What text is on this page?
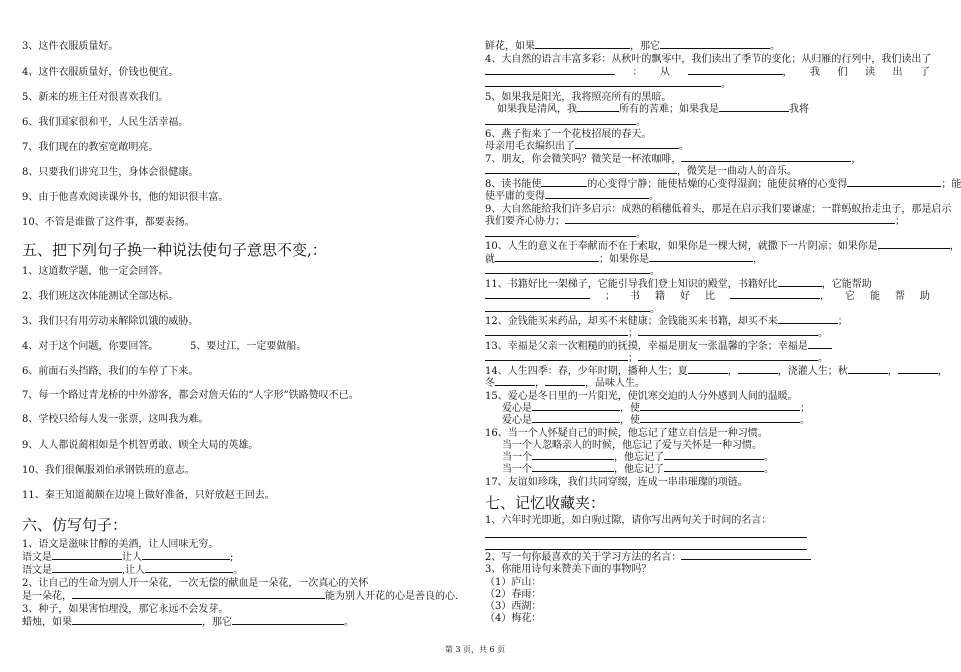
3、这件衣服质量好。
4、这件衣服质量好，价钱也便宜。
5、新来的班主任对很喜欢我们。
6、我们国家很和平，人民生活幸福。
7、我们现在的教室宽敞明亮。
8、只要我们讲究卫生，身体会很健康。
9、由于他喜欢阅读课外书，他的知识很丰富。
10、不管是谁做了这件事，都要表扬。
五、把下列句子换一种说法使句子意思不变,：
1、这道数学题，他一定会回答。
2、我们班这次体能测试全部达标。
3、我们只有用劳动来解除饥饿的威胁。
4、对于这个问题，你要回答。	5、要过江，一定要做船。
6、前面石头挡路，我们的车停了下来。
7、每一个路过青龙桥的中外游客，都会对詹天佑的“人字形”铁路赞叹不已。
8、学校只给每人发一张票，这叫我为难。
9、人人都说蔺相如是个机智勇敢、顾全大局的英雄。
10、我们很佩服刘伯承钢铁班的意志。
11、秦王知道蔺颇在边境上做好准备，只好放赵王回去。
六、仿写句子：
1、语文是滋味甘醇的美酒，让人回味无穷。
语文是	让人	;
语文是	,让人	。
2、让自己的生命为别人开一朵花，一次无偿的献血是一朵花，一次真心的关怀
是一朵花，	能为别人开花的心是善良的心.
3、种子，如果害怕埋没，那它永远不会发芽。
蜡烛，如果	，那它	。
鲜花，如果	，那它	。
4、大自然的语言丰富多彩：从秋叶的飘零中，我们读出了季节的变化；从归雁的行列中，我们读出了
： 从	， 我 们 读 出 了
。
5、如果我是阳光，我将照亮所有的黑暗。
如果我是清风，我	所有的苦难；如果我是	我将
。
6、燕子衔来了一个花枝招展的春天。
母亲用毛衣编织出了	。
7、朋友，你会微笑吗？微笑是一杯浓咖啡，	，
，微笑是一曲动人的音乐。
8、读书能使	的心变得宁静；能使枯燥的心变得湿润；能使贫瘠的心变得	；能
使平庸的变得	。
9、大自然能给我们许多启示：成熟的稻穗低着头，那是在启示我们要谦虚；一群蚂蚁抬走虫子，那是启示
我们要齐心协力；	；
。
10、人生的意义在于奉献而不在于索取，如果你是一棵大树，就撒下一片阴凉；如果你是	，
就	；如果你是	，
。
11、书籍好比一架梯子，它能引导我们登上知识的殿堂，书籍好比	，它能帮助
； 书 籍 好 比	， 它 能 帮 助
。
12、金钱能买来药品，却买不来健康；金钱能买来书籍，却买不来	；
；	。
13、幸福是父亲一次粗糙的的抚摸，幸福是朋友一张温馨的字条；幸福是
；	。
14、人生四季：春，少年时期，播种人生；夏	，	，浇灌人生；秋	，	，
冬	，	，品味人生。
15、爱心是冬日里的一片阳光，使饥寒交迫的人分外感到人间的温暖。
爱心是	，使	；
爱心是	，使	。
16、当一个人怀疑自己的时候，他忘记了建立自信是一种习惯。
当一个人忽略亲人的时候，他忘记了爱与关怀是一种习惯。
当一个	，他忘记了	。
当一个	，他忘记了	。
17、友谊如珍珠，我们共同穿缀，连成一串串璀璨的项链。
七、记忆收藏夹：
1、六年时光即逝，如白驹过隙，请你写出两句关于时间的名言：
2、写一句你最喜欢的关于学习方法的名言：
3、你能用诗句来赞美下面的事物吗？
（1）庐山：
（2）春雨：
（3）西湖：
（4）梅花：
第 3 页，共 6 页
